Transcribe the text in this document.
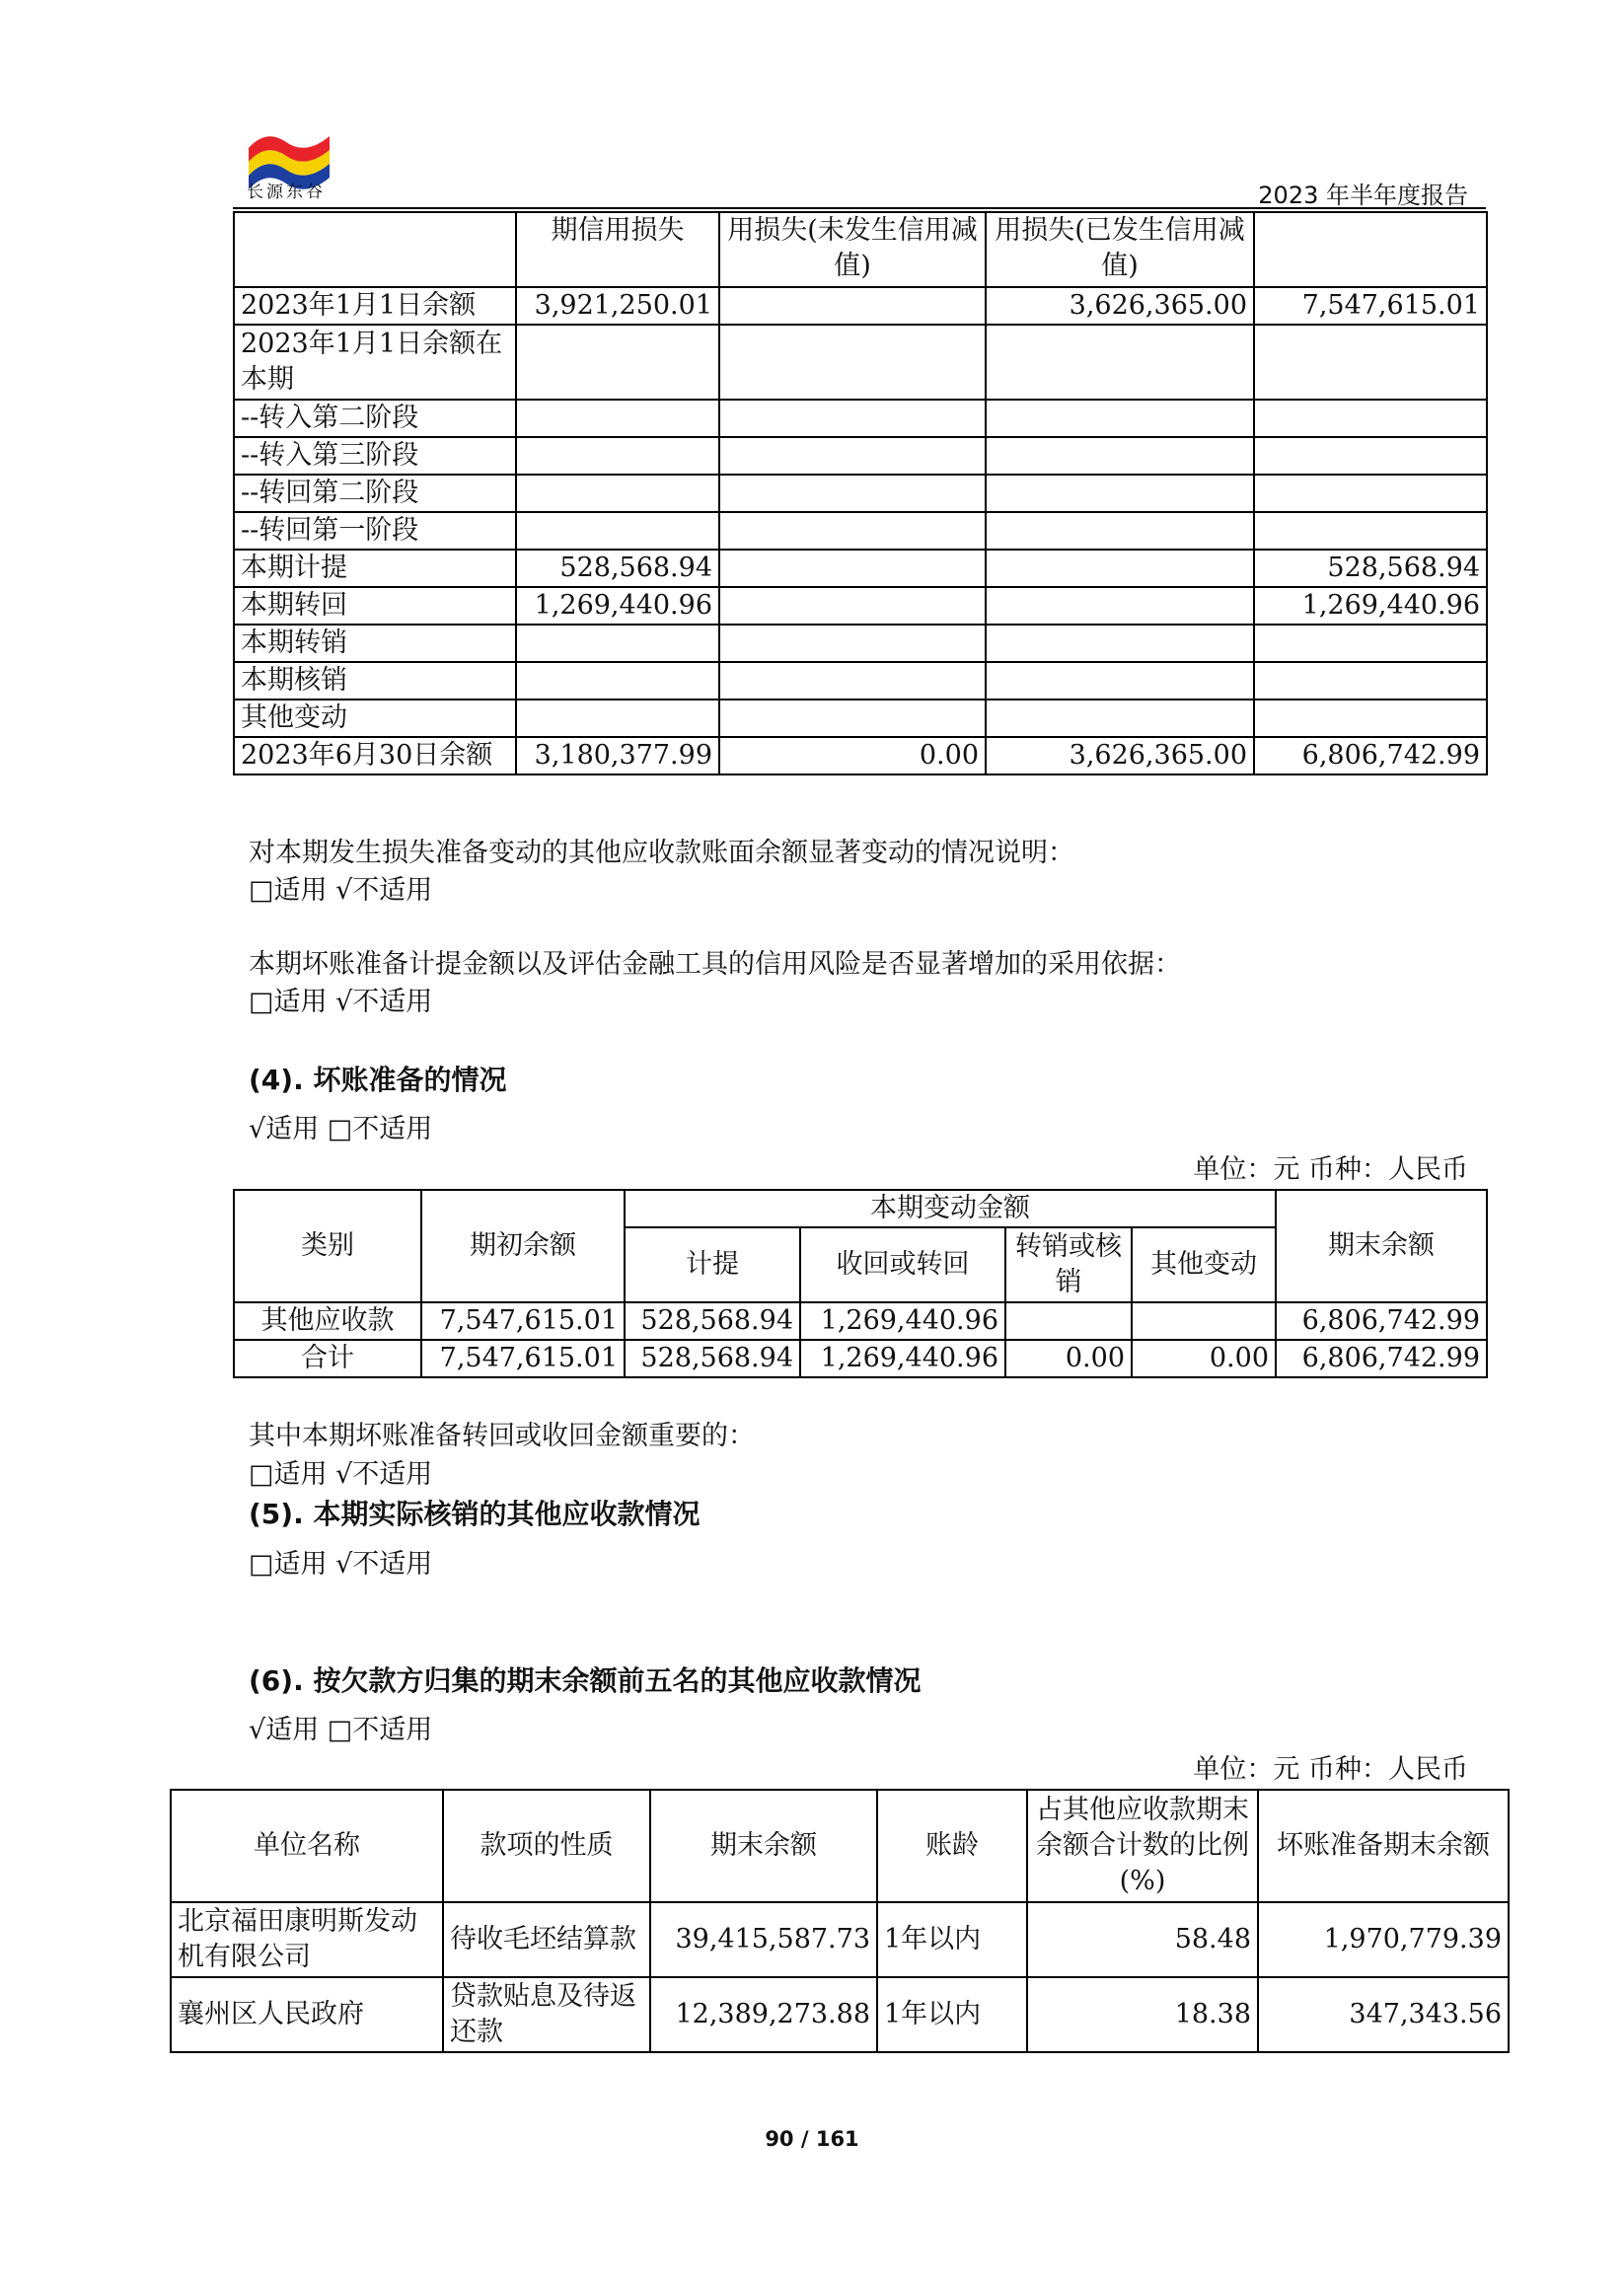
长源东谷	2023 年半年度报告
	期信用损失	用损失(未发生信用减值)	用损失(已发生信用减值)	
2023年1月1日余额	3,921,250.01		3,626,365.00	7,547,615.01
2023年1月1日余额在本期				
--转入第二阶段				
--转入第三阶段				
--转回第二阶段				
--转回第一阶段				
本期计提	528,568.94			528,568.94
本期转回	1,269,440.96			1,269,440.96
本期转销				
本期核销				
其他变动				
2023年6月30日余额	3,180,377.99	0.00	3,626,365.00	6,806,742.99
对本期发生损失准备变动的其他应收款账面余额显著变动的情况说明：
□适用 √不适用
本期坏账准备计提金额以及评估金融工具的信用风险是否显著增加的采用依据：
□适用 √不适用
(4). 坏账准备的情况
√适用 □不适用
单位：元 币种：人民币
类别	期初余额	本期变动金额				期末余额
		计提	收回或转回	转销或核销	其他变动	
其他应收款	7,547,615.01	528,568.94	1,269,440.96			6,806,742.99
合计	7,547,615.01	528,568.94	1,269,440.96	0.00	0.00	6,806,742.99
其中本期坏账准备转回或收回金额重要的：
□适用 √不适用
(5). 本期实际核销的其他应收款情况
□适用 √不适用
(6). 按欠款方归集的期末余额前五名的其他应收款情况
√适用 □不适用
单位：元 币种：人民币
单位名称	款项的性质	期末余额	账龄	占其他应收款期末余额合计数的比例(%)	坏账准备期末余额
北京福田康明斯发动机有限公司	待收毛坯结算款	39,415,587.73	1年以内	58.48	1,970,779.39
襄州区人民政府	贷款贴息及待返还款	12,389,273.88	1年以内	18.38	347,343.56
90 / 161
